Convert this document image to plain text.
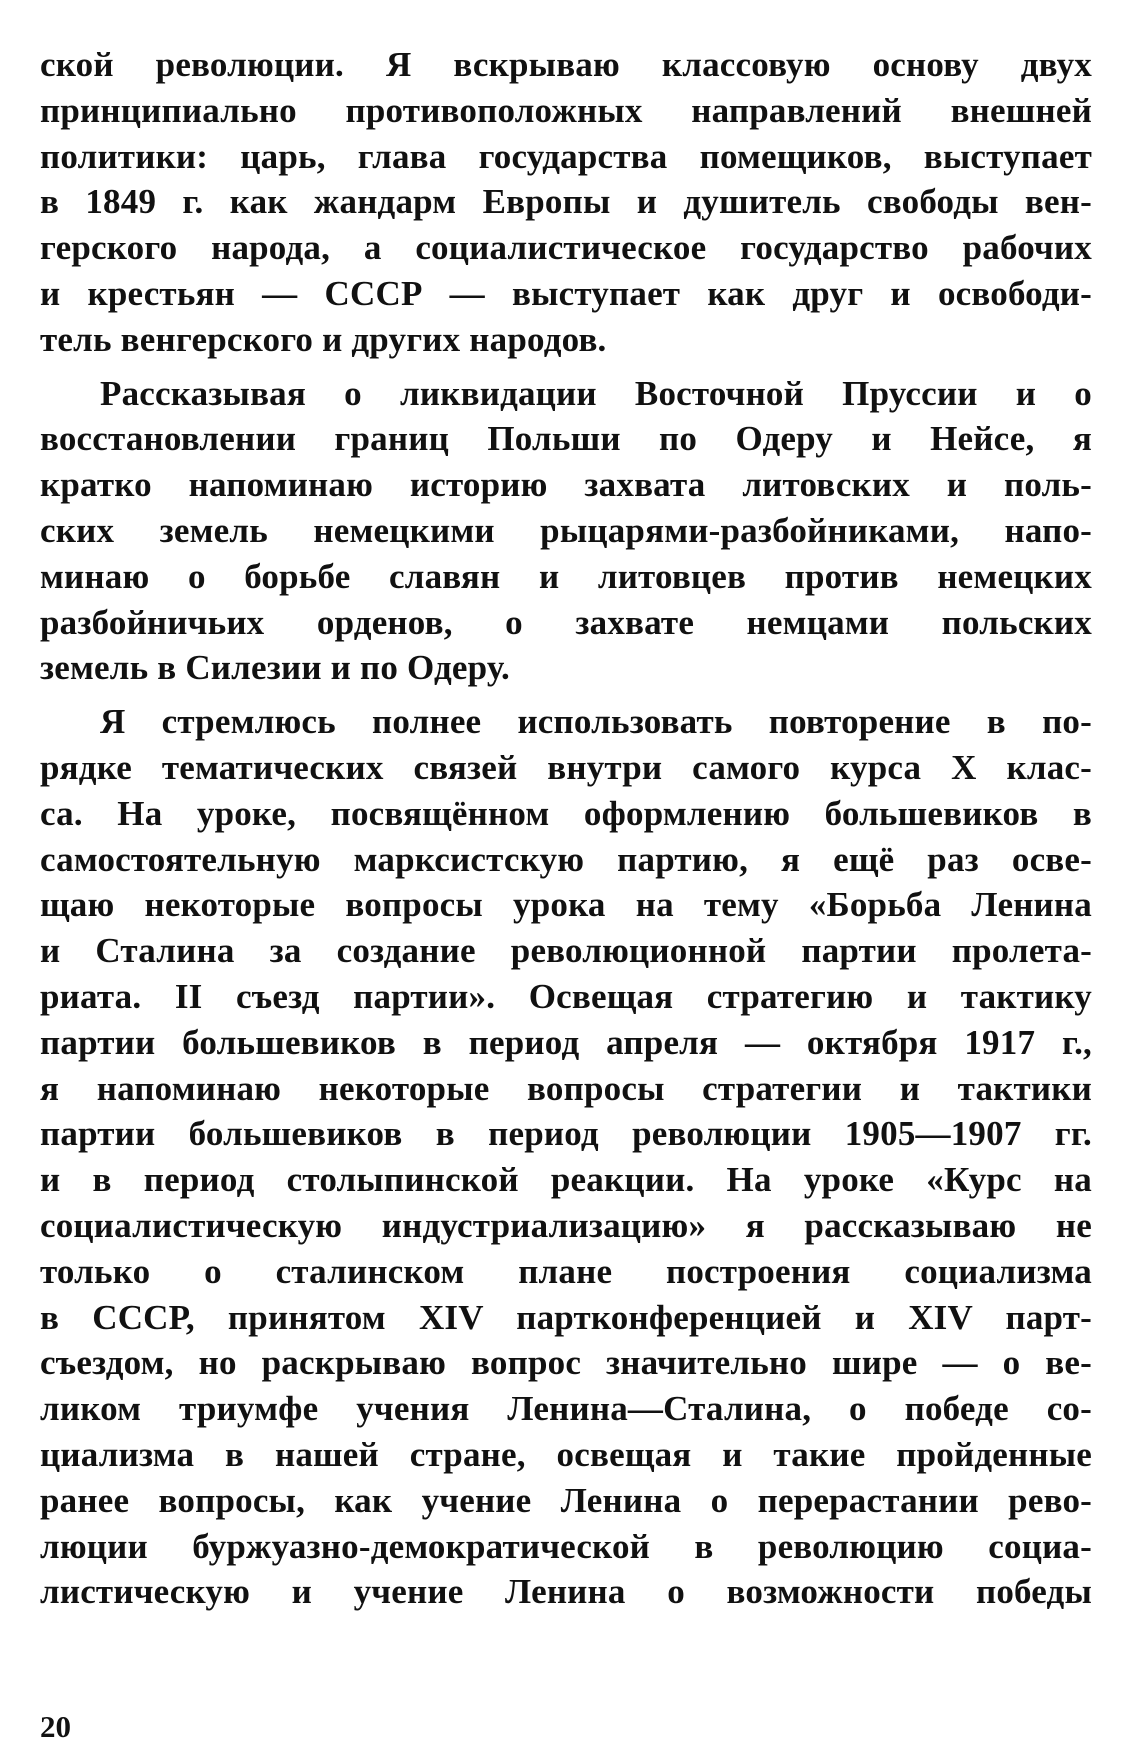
ской революции. Я вскрываю классовую основу двух
принципиально противоположных направлений внешней
политики: царь, глава государства помещиков, выступает
в 1849 г. как жандарм Европы и душитель свободы вен-
герского народа, а социалистическое государство рабочих
и крестьян — СССР — выступает как друг и освободи-
тель венгерского и других народов.
Рассказывая о ликвидации Восточной Пруссии и о
восстановлении границ Польши по Одеру и Нейсе, я
кратко напоминаю историю захвата литовских и поль-
ских земель немецкими рыцарями-разбойниками, напо-
минаю о борьбе славян и литовцев против немецких
разбойничьих орденов, о захвате немцами польских
земель в Силезии и по Одеру.
Я стремлюсь полнее использовать повторение в по-
рядке тематических связей внутри самого курса X клас-
са. На уроке, посвящённом оформлению большевиков в
самостоятельную марксистскую партию, я ещё раз осве-
щаю некоторые вопросы урока на тему «Борьба Ленина
и Сталина за создание революционной партии пролета-
риата. II съезд партии». Освещая стратегию и тактику
партии большевиков в период апреля — октября 1917 г.,
я напоминаю некоторые вопросы стратегии и тактики
партии большевиков в период революции 1905—1907 гг.
и в период столыпинской реакции. На уроке «Курс на
социалистическую индустриализацию» я рассказываю не
только о сталинском плане построения социализма
в СССР, принятом XIV партконференцией и XIV парт-
съездом, но раскрываю вопрос значительно шире — о ве-
ликом триумфе учения Ленина—Сталина, о победе со-
циализма в нашей стране, освещая и такие пройденные
ранее вопросы, как учение Ленина о перерастании рево-
люции буржуазно-демократической в революцию социа-
листическую и учение Ленина о возможности победы
20
